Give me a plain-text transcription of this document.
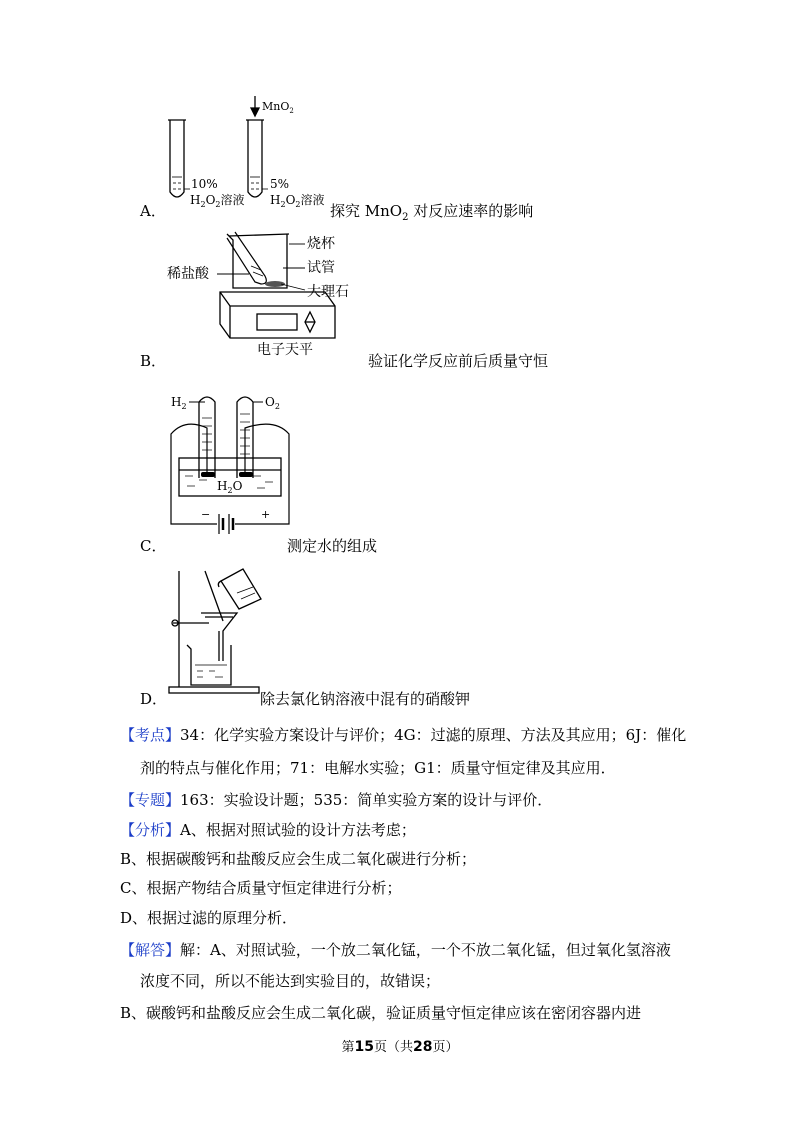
10%
$H_2O_2$溶液
MnO$_2$
5%
$H_2O_2$溶液
A．	探究 MnO$_2$ 对反应速率的影响
烧杯
稀盐酸	试管
大理石
电子天平
B．	验证化学反应前后质量守恒
$H_2$	$O_2$
$H_2O$
−	+
C．	测定水的组成
D．	除去氯化钠溶液中混有的硝酸钾
【考点】34：化学实验方案设计与评价；4G：过滤的原理、方法及其应用；6J：催化
剂的特点与催化作用；71：电解水实验；G1：质量守恒定律及其应用．
【专题】163：实验设计题；535：简单实验方案的设计与评价．
【分析】A、根据对照试验的设计方法考虑；
B、根据碳酸钙和盐酸反应会生成二氧化碳进行分析；
C、根据产物结合质量守恒定律进行分析；
D、根据过滤的原理分析．
【解答】解：A、对照试验，一个放二氧化锰，一个不放二氧化锰，但过氧化氢溶液
浓度不同，所以不能达到实验目的，故错误；
B、碳酸钙和盐酸反应会生成二氧化碳，验证质量守恒定律应该在密闭容器内进
第15页（共28页）
